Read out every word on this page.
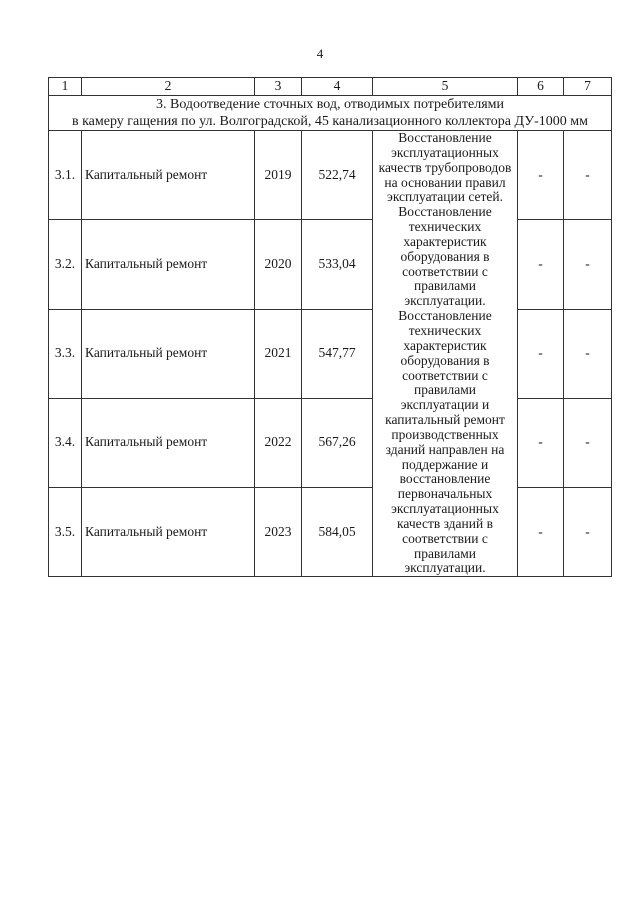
4
1	2	3	4	5	6	7

3. Водоотведение сточных вод, отводимых потребителями
в камеру гащения по ул. Волгоградской, 45 канализационного коллектора ДУ-1000 мм						

3.1.	Капитальный ремонт	2019	522,74	Восстановление эксплуатационных качеств трубопроводов на основании правил эксплуатации сетей. Восстановление технических характеристик оборудования в соответствии с правилами эксплуатации. Восстановление технических характеристик оборудования в соответствии с правилами эксплуатации и капитальный ремонт производственных зданий направлен на поддержание и восстановление первоначальных эксплуатационных качеств зданий в соответствии с правилами эксплуатации.	-	-
3.2.	Капитальный ремонт	2020	533,04		-	-
3.3.	Капитальный ремонт	2021	547,77		-	-
3.4.	Капитальный ремонт	2022	567,26		-	-
3.5.	Капитальный ремонт	2023	584,05		-	-
